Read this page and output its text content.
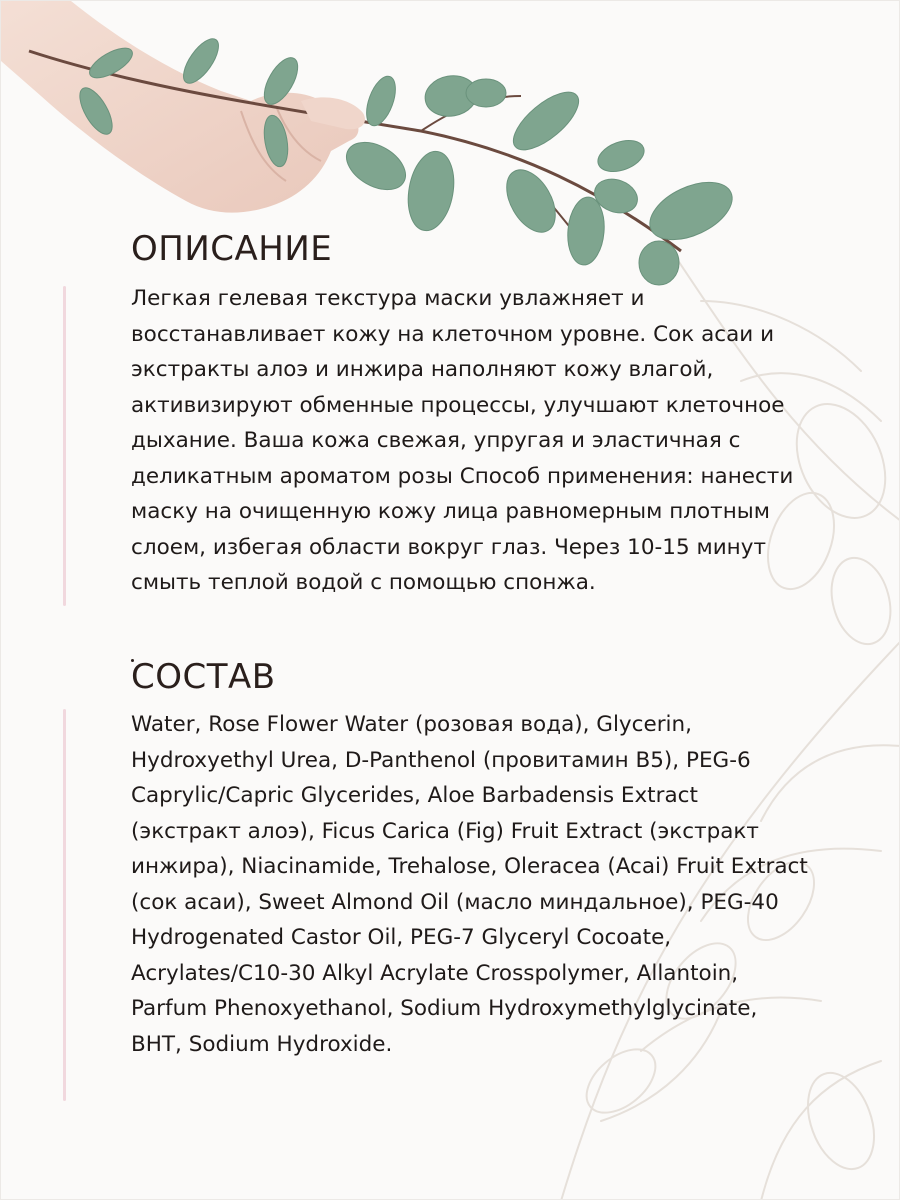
ОПИСАНИЕ

Легкая гелевая текстура маски увлажняет и восстанавливает кожу на клеточном уровне. Сок асаи и экстракты алоэ и инжира наполняют кожу влагой, активизируют обменные процессы, улучшают клеточное дыхание. Ваша кожа свежая, упругая и эластичная с деликатным ароматом розы Способ применения: нанести маску на очищенную кожу лица равномерным плотным слоем, избегая области вокруг глаз. Через 10-15 минут смыть теплой водой с помощью спонжа.

СОСТАВ

Water, Rose Flower Water (розовая вода), Glycerin, Hydroxyethyl Urea, D-Panthenol (провитамин B5), PEG-6 Caprylic/Capric Glycerides, Aloe Barbadensis Extract (экстракт алоэ), Ficus Carica (Fig) Fruit Extract (экстракт инжира), Niacinamide, Trehalose, Oleracea (Acai) Fruit Extract (сок асаи), Sweet Almond Oil (масло миндальное), PEG-40 Hydrogenated Castor Oil, PEG-7 Glyceryl Cocoate, Acrylates/C10-30 Alkyl Acrylate Crosspolymer, Allantoin, Parfum Phenoxyethanol, Sodium Hydroxymethylglycinate, BHT, Sodium Hydroxide.
